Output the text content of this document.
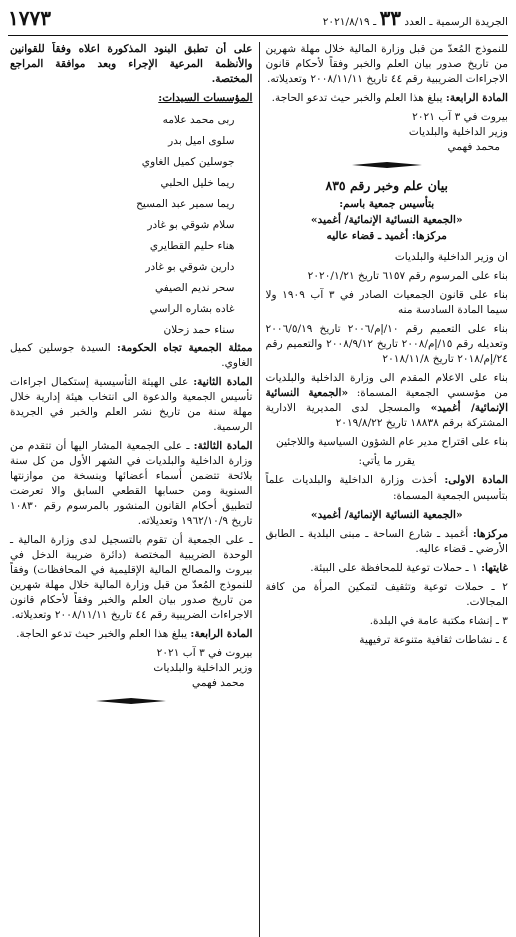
الجريدة الرسمية ـ العدد ٣٣ ـ ٢٠٢١/٨/١٩
١٧٧٣

للنموذج المُعدّ من قبل وزارة المالية خلال مهلة شهرين من تاريخ صدور بيان العلم والخبر وفقاً لأحكام قانون الاجراءات الضريبية رقم ٤٤ تاريخ ٢٠٠٨/١١/١١ وتعديلاته.

المادة الرابعة: يبلغ هذا العلم والخبر حيث تدعو الحاجة.

بيروت في ٣ آب ٢٠٢١

وزير الداخلية والبلديات

محمد فهمي

بيان علم وخبر رقم ٨٣٥
بتأسيس جمعية باسم:
«الجمعية النسائية الإنمائية/ أغميد»
مركزها: أغميد ـ قضاء عاليه

ان وزير الداخلية والبلديات

بناء على المرسوم رقم ٦١٥٧ تاريخ ٢٠٢٠/١/٢١

بناء على قانون الجمعيات الصادر في ٣ آب ١٩٠٩ ولا سيما المادة السادسة منه

بناء على التعميم رقم ١٠/إم/٢٠٠٦ تاريخ ٢٠٠٦/٥/١٩ وتعديله رقم ١٥/إم/٢٠٠٨ تاريخ ٢٠٠٨/٩/١٢ والتعميم رقم ٢٤/إم/٢٠١٨ تاريخ ٢٠١٨/١١/٨

بناء على الاعلام المقدم الى وزارة الداخلية والبلديات من مؤسسي الجمعية المسماة: «الجمعية النسائية الإنمائية/ أغميد» والمسجل لدى المديرية الادارية المشتركة برقم ١٨٨٣٨ تاريخ ٢٠١٩/٨/٢٢

بناء على اقتراح مدير عام الشؤون السياسية واللاجئين

يقرر ما يأتي:

المادة الاولى: أخذت وزارة الداخلية والبلديات علماً بتأسيس الجمعية المسماة:

«الجمعية النسائية الإنمائية/ أغميد»

مركزها: أغميد ـ شارع الساحة ـ مبنى البلدية ـ الطابق الأرضي ـ قضاء عاليه.

غايتها: ١ ـ حملات توعية للمحافظة على البيئة.

٢ ـ حملات توعية وتثقيف لتمكين المرأة من كافة المجالات.

٣ ـ إنشاء مكتبة عامة في البلدة.

٤ ـ نشاطات ثقافية متنوعة ترفيهية

على أن تطبق البنود المذكورة اعلاه وفقاً للقوانين والأنظمة المرعية الإجراء وبعد موافقة المراجع المختصة.

المؤسسات السيدات:

ربى محمد علامه

سلوى اميل بدر

جوسلين كميل الغاوي

ريما خليل الحلبي

ريما سمير عبد المسيح

سلام شوقي بو غادر

هناء حليم القطايري

دارين شوقي بو غادر

سحر نديم الصيفي

غاده بشاره الراسي

سناء حمد زحلان

ممثلة الجمعية تجاه الحكومة: السيدة جوسلين كميل الغاوي.

المادة الثانية: على الهيئة التأسيسية إستكمال اجراءات تأسيس الجمعية والدعوة الى انتخاب هيئة إدارية خلال مهلة سنة من تاريخ نشر العلم والخبر في الجريدة الرسمية.

المادة الثالثة: ـ على الجمعية المشار اليها أن تتقدم من وزارة الداخلية والبلديات في الشهر الأول من كل سنة بلائحة تتضمن أسماء أعضائها وبنسخة من موازنتها السنوية ومن حسابها القطعي السابق والا تعرضت لتطبيق أحكام القانون المنشور بالمرسوم رقم ١٠٨٣٠ تاريخ ١٩٦٢/١٠/٩ وتعديلاته.

ـ على الجمعية أن تقوم بالتسجيل لدى وزارة المالية ـ الوحدة الضريبية المختصة (دائرة ضريبة الدخل في بيروت والمصالح المالية الإقليمية في المحافظات) وفقاً للنموذج المُعدّ من قبل وزارة المالية خلال مهلة شهرين من تاريخ صدور بيان العلم والخبر وفقاً لأحكام قانون الاجراءات الضريبية رقم ٤٤ تاريخ ٢٠٠٨/١١/١١ وتعديلاته.

المادة الرابعة: يبلغ هذا العلم والخبر حيث تدعو الحاجة.

بيروت في ٣ آب ٢٠٢١

وزير الداخلية والبلديات

محمد فهمي
